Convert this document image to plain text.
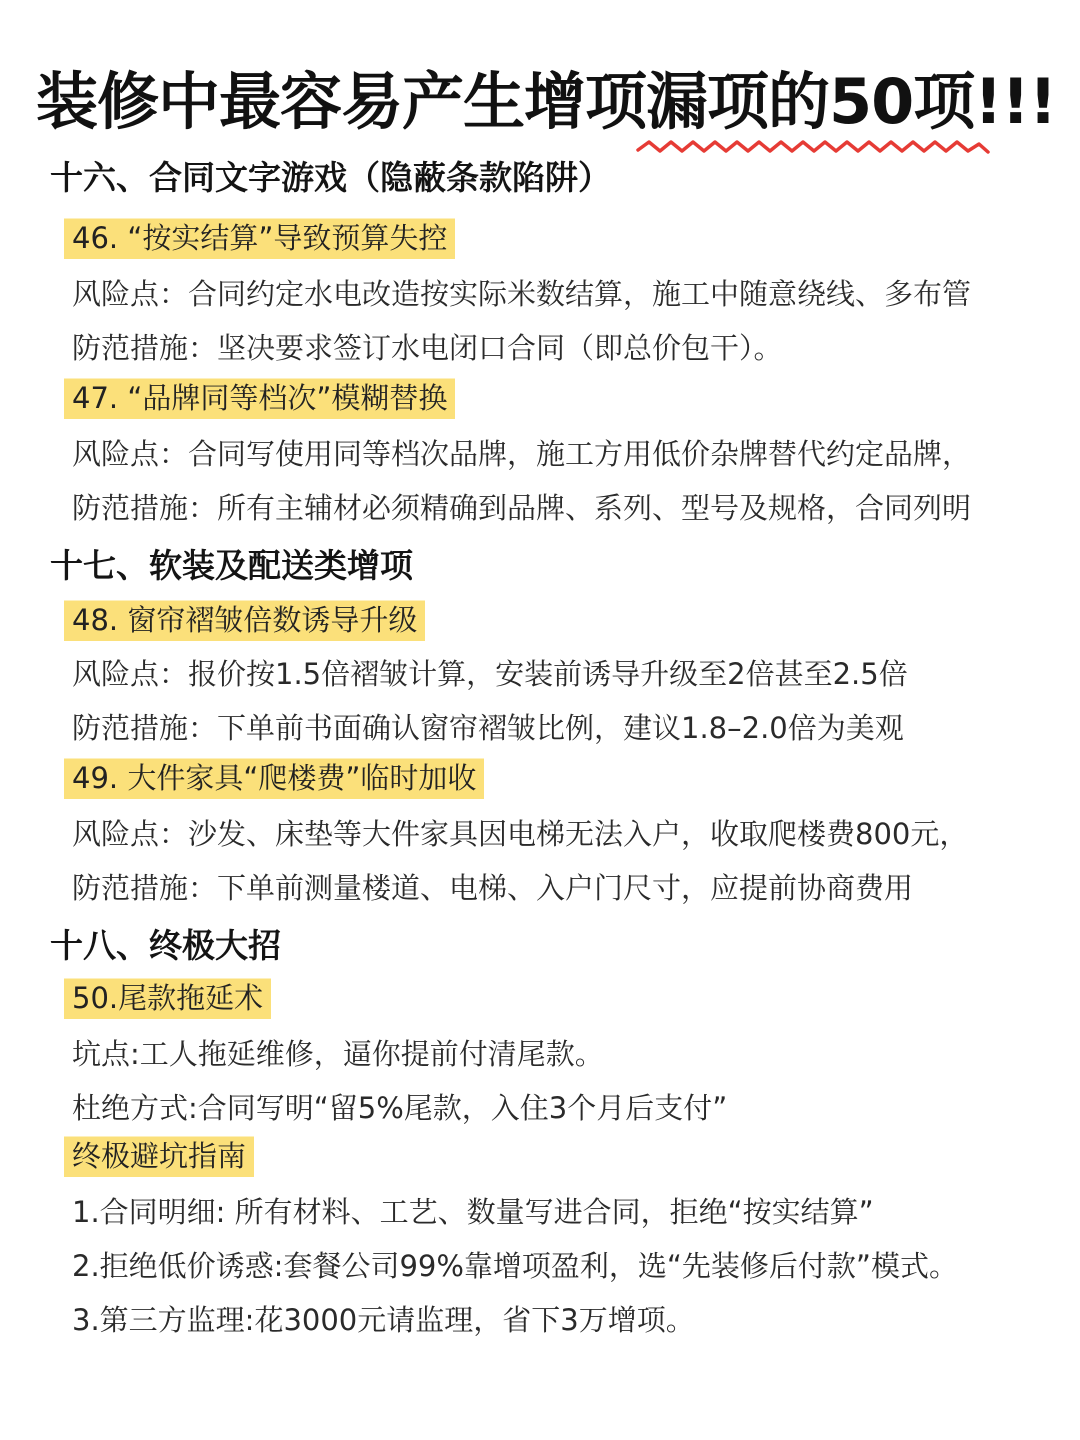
装修中最容易产生增项漏项的50项!!!
十六、合同文字游戏（隐蔽条款陷阱）
46. “按实结算”导致预算失控
风险点：合同约定水电改造按实际米数结算，施工中随意绕线、多布管
防范措施：坚决要求签订水电闭口合同（即总价包干）。
47. “品牌同等档次”模糊替换
风险点：合同写使用同等档次品牌，施工方用低价杂牌替代约定品牌，
防范措施：所有主辅材必须精确到品牌、系列、型号及规格，合同列明
十七、软装及配送类增项
48. 窗帘褶皱倍数诱导升级
风险点：报价按1.5倍褶皱计算，安装前诱导升级至2倍甚至2.5倍
防范措施：下单前书面确认窗帘褶皱比例，建议1.8–2.0倍为美观
49. 大件家具“爬楼费”临时加收
风险点：沙发、床垫等大件家具因电梯无法入户，收取爬楼费800元，
防范措施：下单前测量楼道、电梯、入户门尺寸，应提前协商费用
十八、终极大招
50.尾款拖延术
坑点:工人拖延维修，逼你提前付清尾款。
杜绝方式:合同写明“留5%尾款，入住3个月后支付”
终极避坑指南
1.合同明细: 所有材料、工艺、数量写进合同，拒绝“按实结算”
2.拒绝低价诱惑:套餐公司99%靠增项盈利，选“先装修后付款”模式。
3.第三方监理:花3000元请监理，省下3万增项。
